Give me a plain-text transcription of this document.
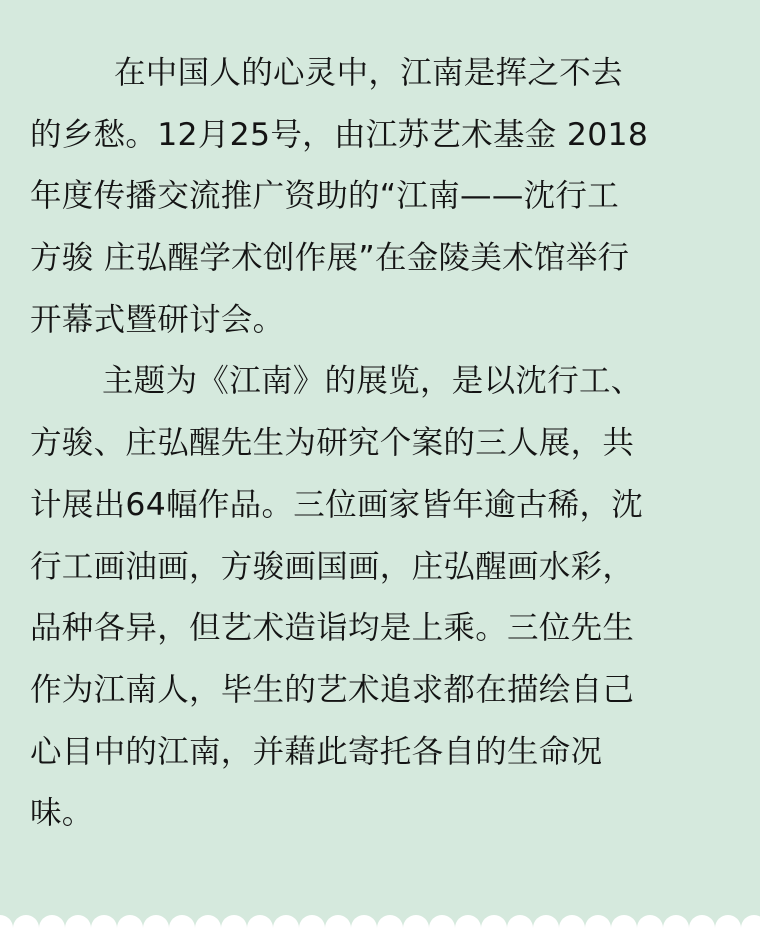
在中国人的心灵中，江南是挥之不去
的乡愁。12月25号，由江苏艺术基金 2018
年度传播交流推广资助的“江南——沈行工
方骏 庄弘醒学术创作展”在金陵美术馆举行
开幕式暨研讨会。

主题为《江南》的展览，是以沈行工、
方骏、庄弘醒先生为研究个案的三人展，共
计展出64幅作品。三位画家皆年逾古稀，沈
行工画油画，方骏画国画，庄弘醒画水彩，
品种各异，但艺术造诣均是上乘。三位先生
作为江南人，毕生的艺术追求都在描绘自己
心目中的江南，并藉此寄托各自的生命况
味。
